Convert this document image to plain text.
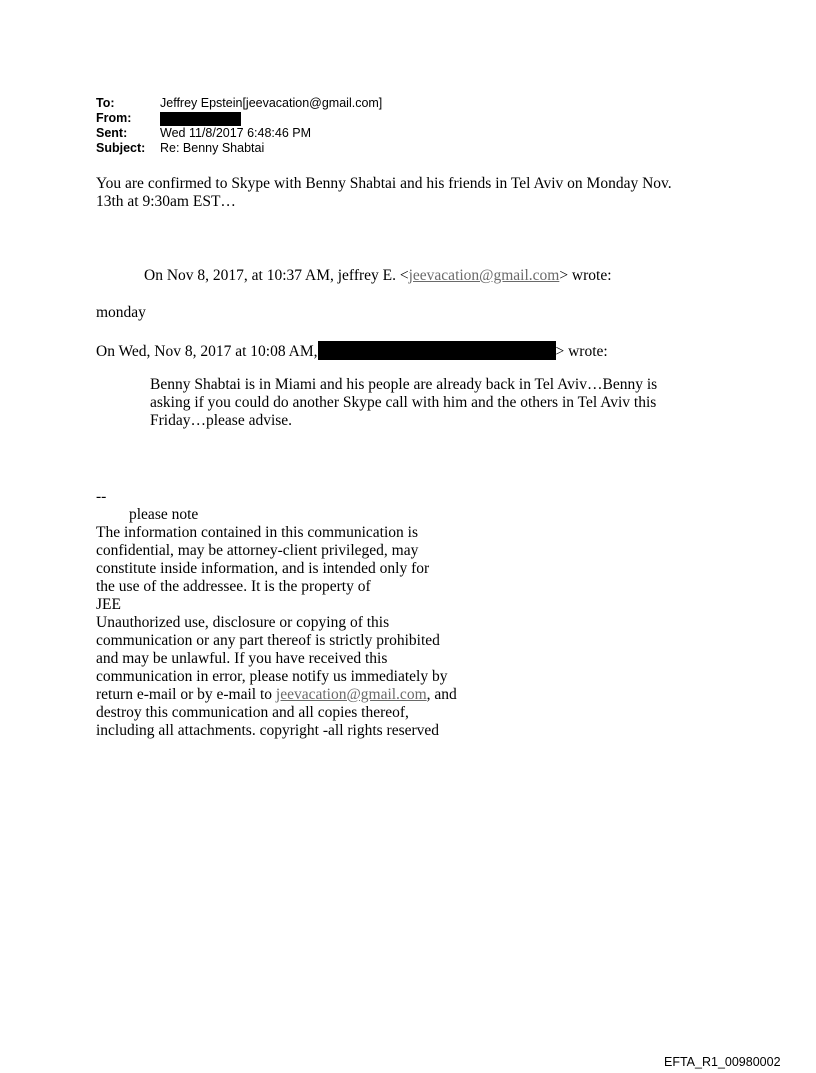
To:	Jeffrey Epstein[jeevacation@gmail.com]
From:
Sent:	Wed 11/8/2017 6:48:46 PM
Subject:	Re: Benny Shabtai
You are confirmed to Skype with Benny Shabtai and his friends in Tel Aviv on Monday Nov.
13th at 9:30am EST…
On Nov 8, 2017, at 10:37 AM, jeffrey E. <jeevacation@gmail.com> wrote:
monday
On Wed, Nov 8, 2017 at 10:08 AM,	> wrote:
Benny Shabtai is in Miami and his people are already back in Tel Aviv…Benny is
asking if you could do another Skype call with him and the others in Tel Aviv this
Friday…please advise.
--
please note
The information contained in this communication is
confidential, may be attorney-client privileged, may
constitute inside information, and is intended only for
the use of the addressee. It is the property of
JEE
Unauthorized use, disclosure or copying of this
communication or any part thereof is strictly prohibited
and may be unlawful. If you have received this
communication in error, please notify us immediately by
return e-mail or by e-mail to jeevacation@gmail.com, and
destroy this communication and all copies thereof,
including all attachments. copyright -all rights reserved
EFTA_R1_00980002
